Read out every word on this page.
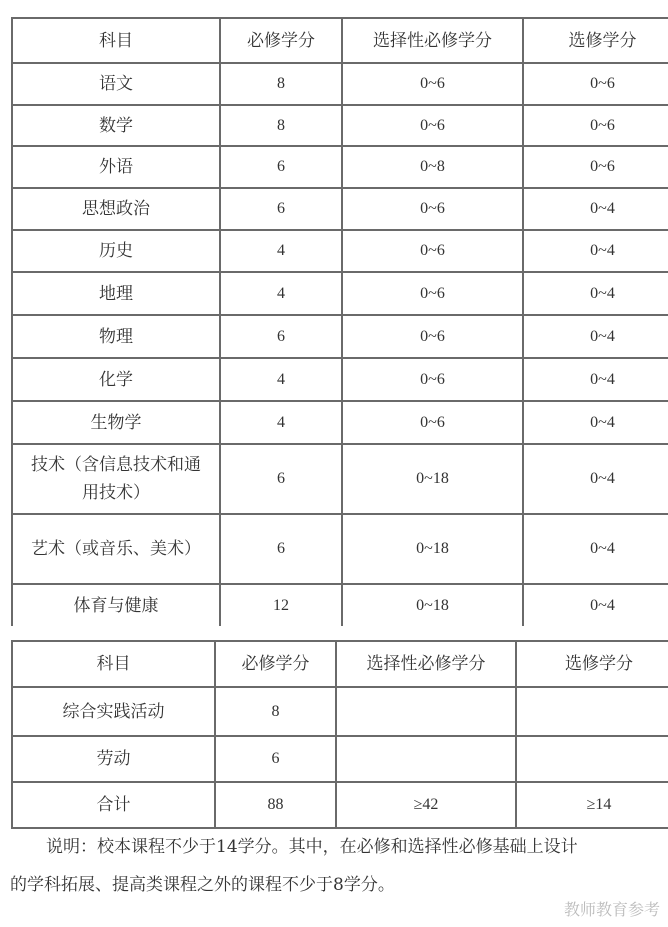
科目	必修学分	选择性必修学分	选修学分
语文	8	0~6	0~6
数学	8	0~6	0~6
外语	6	0~8	0~6
思想政治	6	0~6	0~4
历史	4	0~6	0~4
地理	4	0~6	0~4
物理	6	0~6	0~4
化学	4	0~6	0~4
生物学	4	0~6	0~4
技术（含信息技术和通用技术）	6	0~18	0~4
艺术（或音乐、美术）	6	0~18	0~4
体育与健康	12	0~18	0~4
科目	必修学分	选择性必修学分	选修学分
综合实践活动	8		
劳动	6		
合计	88	≥42	≥14
说明：校本课程不少于14学分。其中，在必修和选择性必修基础上设计
的学科拓展、提高类课程之外的课程不少于8学分。
教师教育参考
